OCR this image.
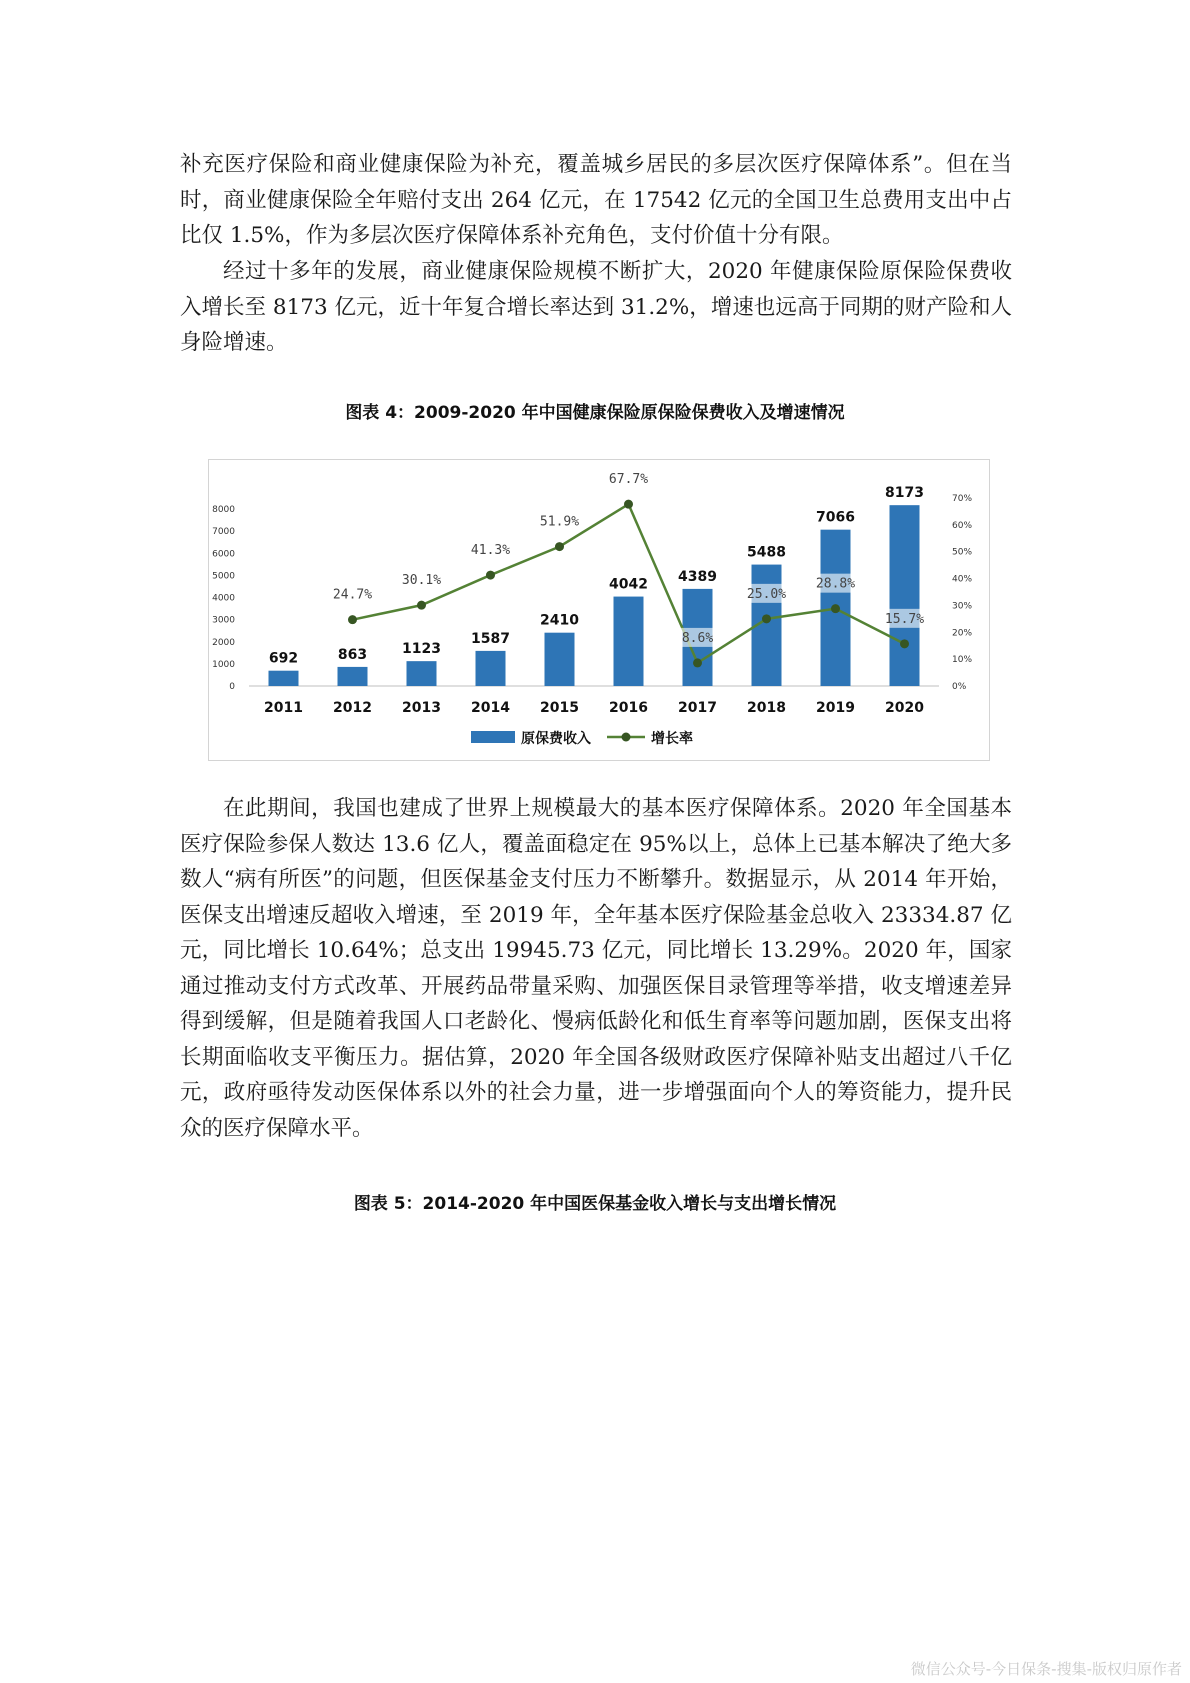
补充医疗保险和商业健康保险为补充，覆盖城乡居民的多层次医疗保障体系”。但在当时，商业健康保险全年赔付支出 264 亿元，在 17542 亿元的全国卫生总费用支出中占比仅 1.5%，作为多层次医疗保障体系补充角色，支付价值十分有限。

经过十多年的发展，商业健康保险规模不断扩大，2020 年健康保险原保险保费收入增长至 8173 亿元，近十年复合增长率达到 31.2%，增速也远高于同期的财产险和人身险增速。

图表 4：2009-2020 年中国健康保险原保险保费收入及增速情况

0
1000
2000
3000
4000
5000
6000
7000
8000
0%
10%
20%
30%
40%
50%
60%
70%
692	863 1123
1587
2410
4042 4389
5488
7066
8173
24.7%
30.1%
41.3%
51.9%
67.7%
8.6%
25.0%
28.8%
15.7%
2011 2012 2013 2014 2015 2016 2017 2018 2019 2020
原保费收入	增长率

在此期间，我国也建成了世界上规模最大的基本医疗保障体系。2020 年全国基本医疗保险参保人数达 13.6 亿人，覆盖面稳定在 95%以上，总体上已基本解决了绝大多数人“病有所医”的问题，但医保基金支付压力不断攀升。数据显示，从 2014 年开始，医保支出增速反超收入增速，至 2019 年，全年基本医疗保险基金总收入 23334.87 亿元，同比增长 10.64%；总支出 19945.73 亿元，同比增长 13.29%。2020 年，国家通过推动支付方式改革、开展药品带量采购、加强医保目录管理等举措，收支增速差异得到缓解，但是随着我国人口老龄化、慢病低龄化和低生育率等问题加剧，医保支出将长期面临收支平衡压力。据估算，2020 年全国各级财政医疗保障补贴支出超过八千亿元，政府亟待发动医保体系以外的社会力量，进一步增强面向个人的筹资能力，提升民众的医疗保障水平。

图表 5：2014-2020 年中国医保基金收入增长与支出增长情况

微信公众号-今日保条-搜集-版权归原作者
